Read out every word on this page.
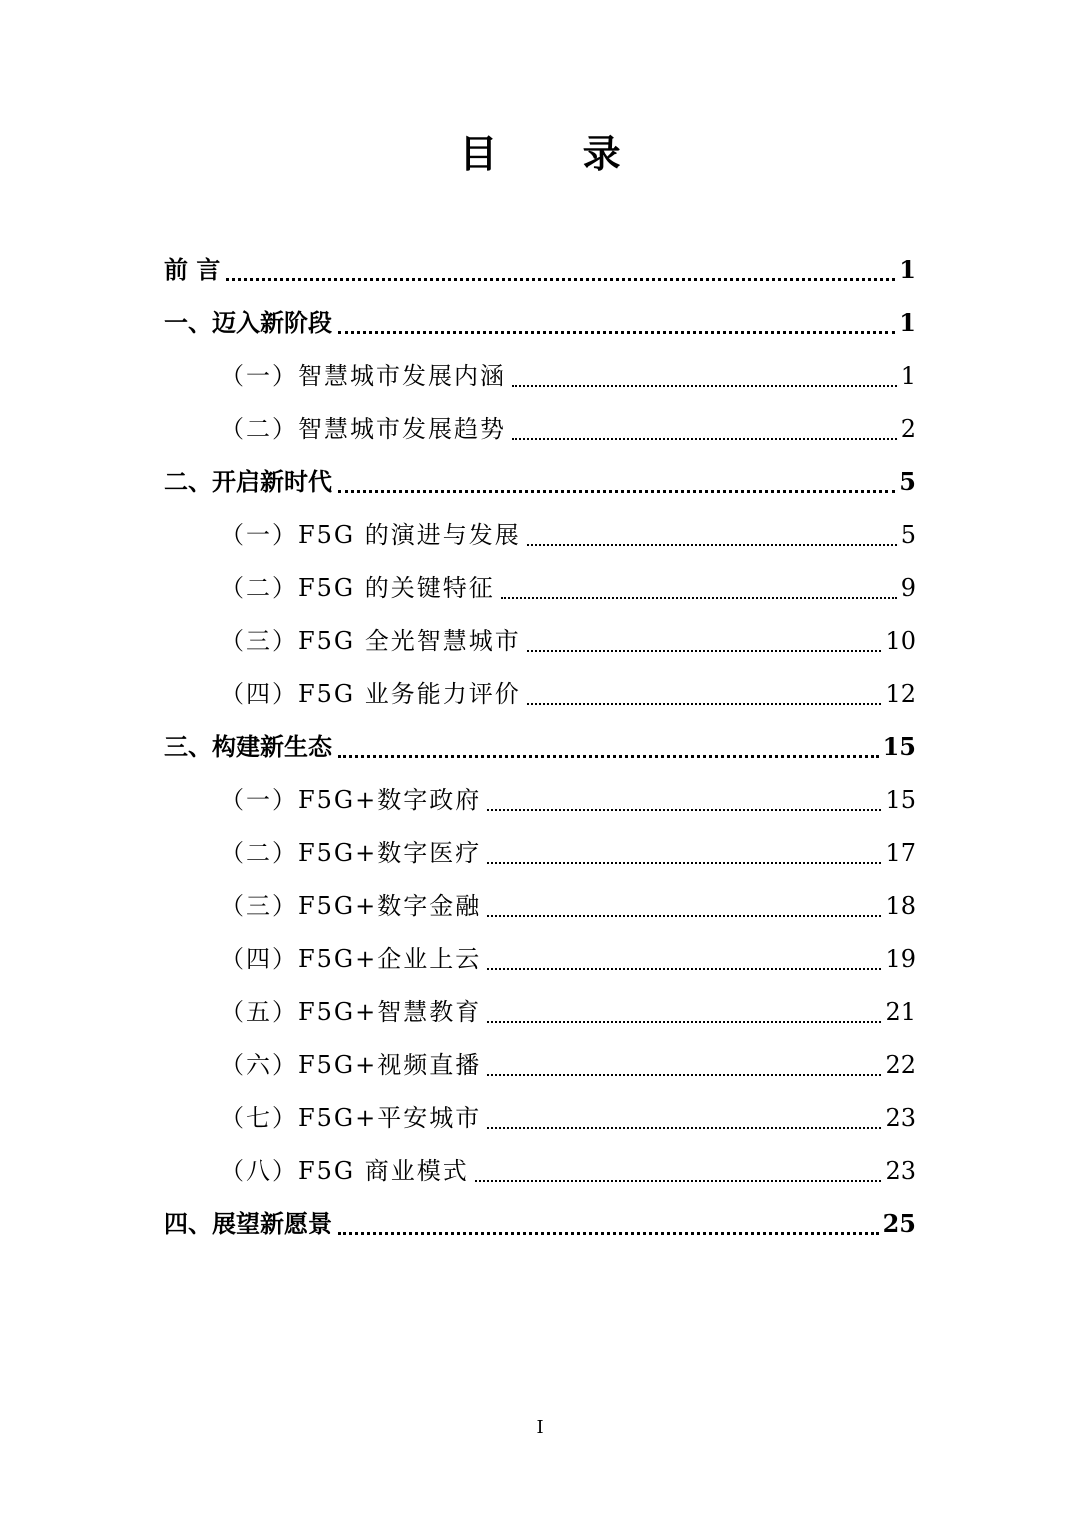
目 录
前 言	1
一、迈入新阶段	1
（一）智慧城市发展内涵	1
（二）智慧城市发展趋势	2
二、开启新时代	5
（一）F5G 的演进与发展	5
（二）F5G 的关键特征	9
（三）F5G 全光智慧城市	10
（四）F5G 业务能力评价	12
三、构建新生态	15
（一）F5G+数字政府	15
（二）F5G+数字医疗	17
（三）F5G+数字金融	18
（四）F5G+企业上云	19
（五）F5G+智慧教育	21
（六）F5G+视频直播	22
（七）F5G+平安城市	23
（八）F5G 商业模式	23
四、展望新愿景	25
I
